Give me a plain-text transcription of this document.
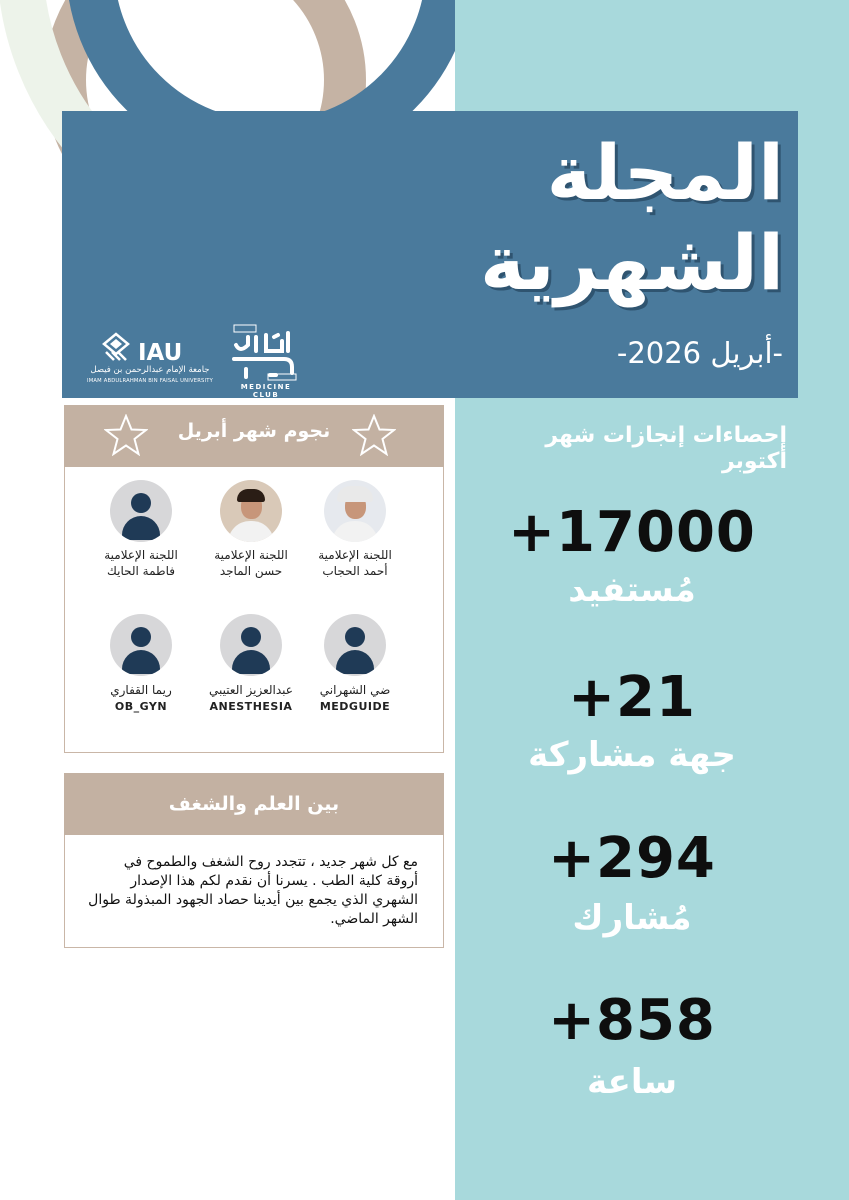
المجلة
الشهرية
-أبريل 2026-
MEDICINE CLUB
IAU
جامعة الإمام عبدالرحمن بن فيصل
IMAM ABDULRAHMAN BIN FAISAL UNIVERSITY
نجوم شهر أبريل
اللجنة الإعلامية
أحمد الحجاب
اللجنة الإعلامية
حسن الماجد
اللجنة الإعلامية
فاطمة الحايك
ضي الشهراني
MEDGUIDE
عبدالعزيز العتيبي
ANESTHESIA
ريما القفاري
OB_GYN
بين العلم والشغف
مع كل شهر جديد ، تتجدد روح الشغف والطموح في أروقة كلية الطب . يسرنا أن نقدم لكم هذا الإصدار الشهري الذي يجمع بين أيدينا حصاد الجهود المبذولة طوال الشهر الماضي.
إحصاءات إنجازات شهر أكتوبر
+17000
مُستفيد
+21
جهة مشاركة
+294
مُشارك
+858
ساعة
